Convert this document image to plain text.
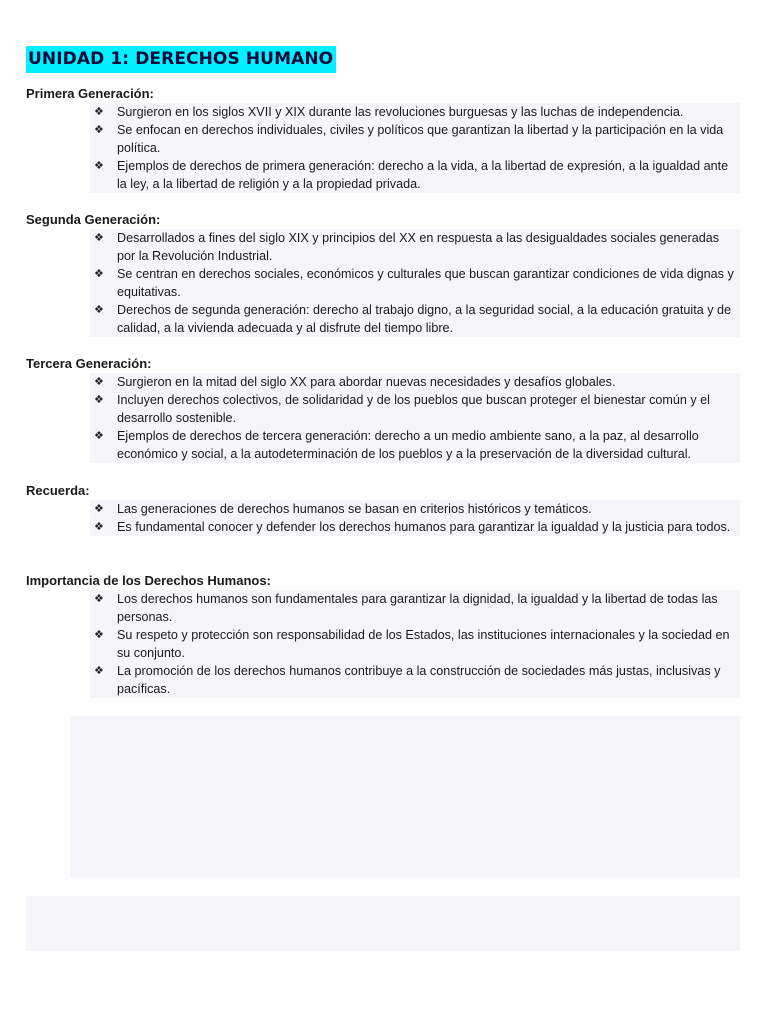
UNIDAD 1: DERECHOS HUMANO
Primera Generación:
❖ Surgieron en los siglos XVII y XIX durante las revoluciones burguesas y las luchas de independencia.
❖ Se enfocan en derechos individuales, civiles y políticos que garantizan la libertad y la participación en la vida política.
❖ Ejemplos de derechos de primera generación: derecho a la vida, a la libertad de expresión, a la igualdad ante la ley, a la libertad de religión y a la propiedad privada.
Segunda Generación:
❖ Desarrollados a fines del siglo XIX y principios del XX en respuesta a las desigualdades sociales generadas por la Revolución Industrial.
❖ Se centran en derechos sociales, económicos y culturales que buscan garantizar condiciones de vida dignas y equitativas.
❖ Derechos de segunda generación: derecho al trabajo digno, a la seguridad social, a la educación gratuita y de calidad, a la vivienda adecuada y al disfrute del tiempo libre.
Tercera Generación:
❖ Surgieron en la mitad del siglo XX para abordar nuevas necesidades y desafíos globales.
❖ Incluyen derechos colectivos, de solidaridad y de los pueblos que buscan proteger el bienestar común y el desarrollo sostenible.
❖ Ejemplos de derechos de tercera generación: derecho a un medio ambiente sano, a la paz, al desarrollo económico y social, a la autodeterminación de los pueblos y a la preservación de la diversidad cultural.
Recuerda:
❖ Las generaciones de derechos humanos se basan en criterios históricos y temáticos.
❖ Es fundamental conocer y defender los derechos humanos para garantizar la igualdad y la justicia para todos.
Importancia de los Derechos Humanos:
❖ Los derechos humanos son fundamentales para garantizar la dignidad, la igualdad y la libertad de todas las personas.
❖ Su respeto y protección son responsabilidad de los Estados, las instituciones internacionales y la sociedad en su conjunto.
❖ La promoción de los derechos humanos contribuye a la construcción de sociedades más justas, inclusivas y pacíficas.
